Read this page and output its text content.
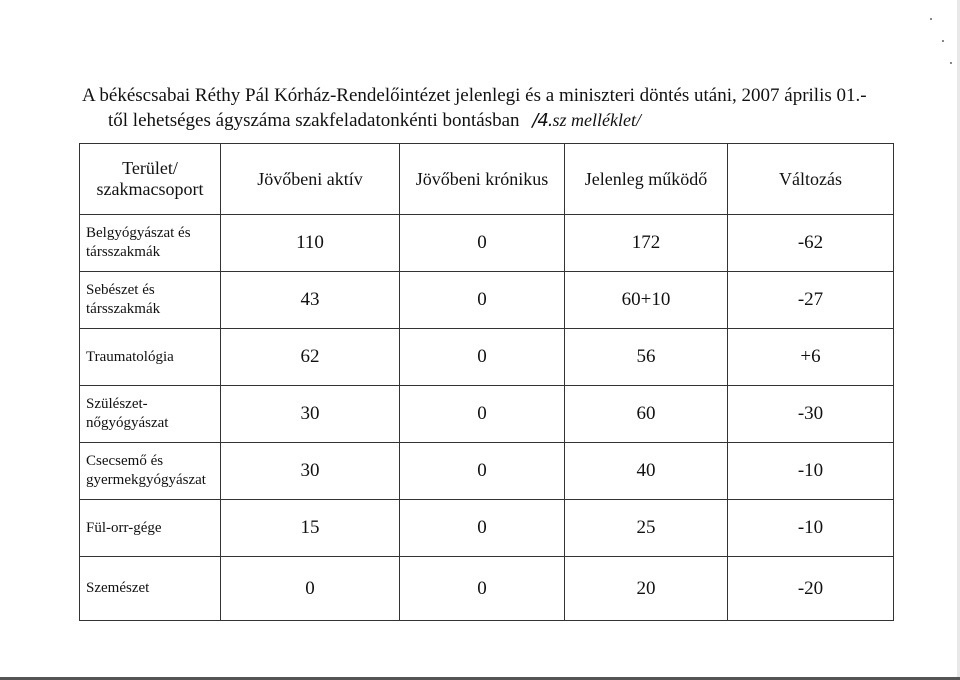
A békéscsabai Réthy Pál Kórház-Rendelőintézet jelenlegi és a miniszteri döntés utáni, 2007 április 01.-
től lehetséges ágyszáma szakfeladatonkénti bontásban /4.sz melléklet/
Terület/ szakmacsoport	Jövőbeni aktív	Jövőbeni krónikus	Jelenleg működő	Változás
Belgyógyászat és társszakmák	110	0	172	-62
Sebészet és társszakmák	43	0	60+10	-27
Traumatológia	62	0	56	+6
Szülészet-nőgyógyászat	30	0	60	-30
Csecsemő és gyermekgyógyászat	30	0	40	-10
Fül-orr-gége	15	0	25	-10
Szemészet	0	0	20	-20
